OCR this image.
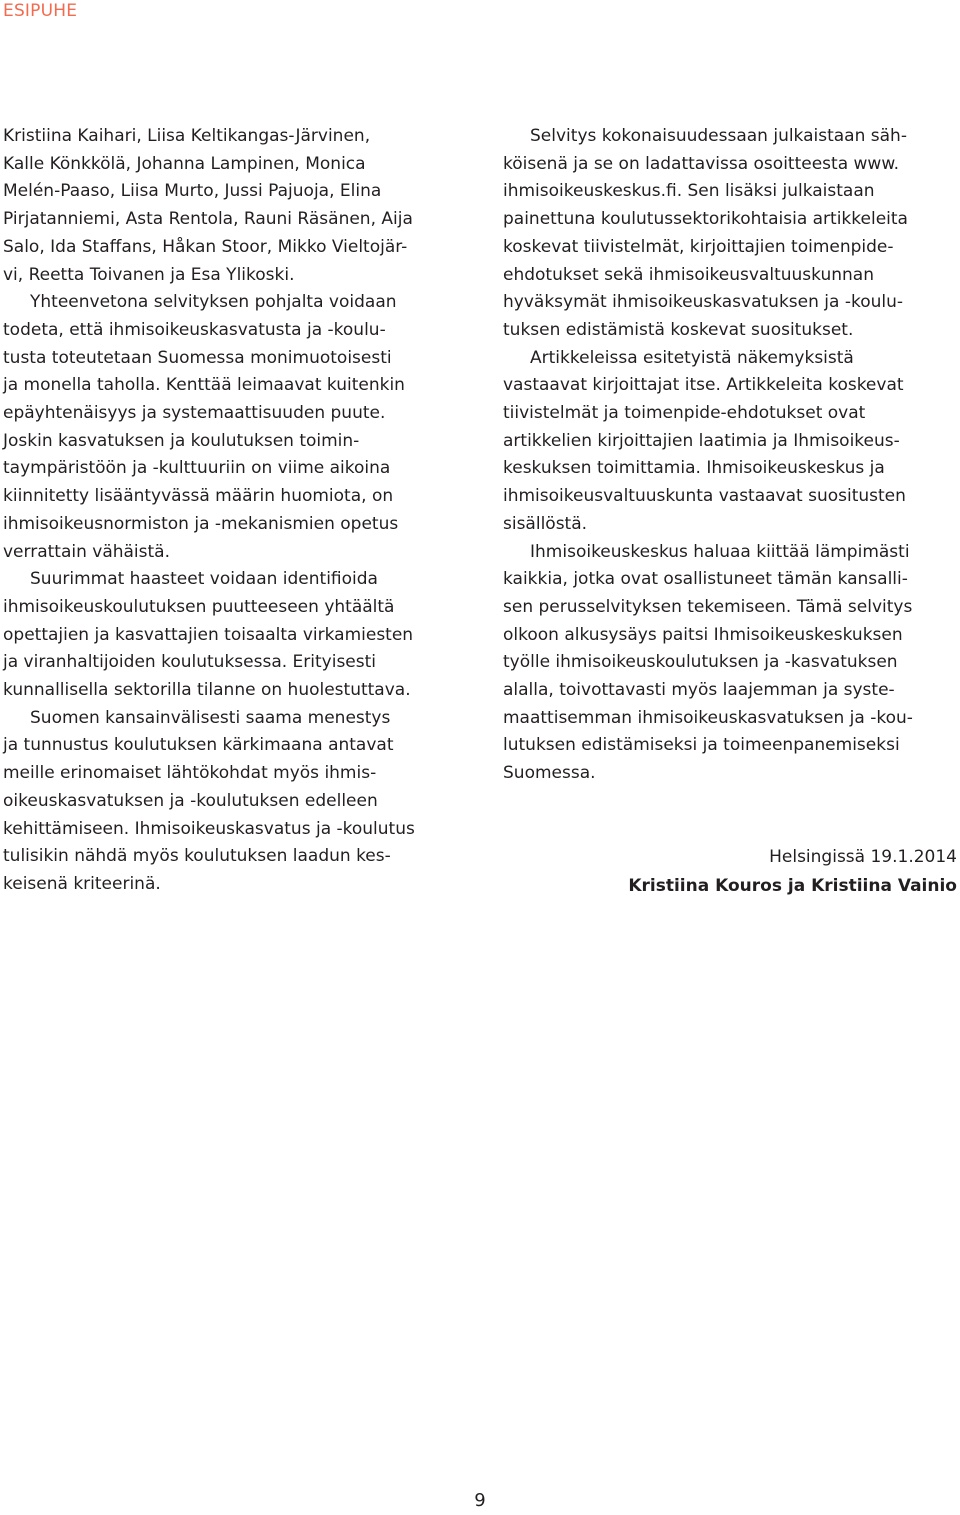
ESIPUHE
Kristiina Kaihari, Liisa Keltikangas-Järvinen,
Kalle Könkkölä, Johanna Lampinen, Monica
Melén-Paaso, Liisa Murto, Jussi Pajuoja, Elina
Pirjatanniemi, Asta Rentola, Rauni Räsänen, Aija
Salo, Ida Staffans, Håkan Stoor, Mikko Vieltojär-
vi, Reetta Toivanen ja Esa Ylikoski.
Yhteenvetona selvityksen pohjalta voidaan
todeta, että ihmisoikeuskasvatusta ja -koulu-
tusta toteutetaan Suomessa monimuotoisesti
ja monella taholla. Kenttää leimaavat kuitenkin
epäyhtenäisyys ja systemaattisuuden puute.
Joskin kasvatuksen ja koulutuksen toimin-
taympäristöön ja -kulttuuriin on viime aikoina
kiinnitetty lisääntyvässä määrin huomiota, on
ihmisoikeusnormiston ja -mekanismien opetus
verrattain vähäistä.
Suurimmat haasteet voidaan identifioida
ihmisoikeuskoulutuksen puutteeseen yhtäältä
opettajien ja kasvattajien toisaalta virkamiesten
ja viranhaltijoiden koulutuksessa. Erityisesti
kunnallisella sektorilla tilanne on huolestuttava.
Suomen kansainvälisesti saama menestys
ja tunnustus koulutuksen kärkimaana antavat
meille erinomaiset lähtökohdat myös ihmis-
oikeuskasvatuksen ja -koulutuksen edelleen
kehittämiseen. Ihmisoikeuskasvatus ja -koulutus
tulisikin nähdä myös koulutuksen laadun kes-
keisenä kriteerinä.
Selvitys kokonaisuudessaan julkaistaan säh-
köisenä ja se on ladattavissa osoitteesta www.
ihmisoikeuskeskus.fi. Sen lisäksi julkaistaan
painettuna koulutussektorikohtaisia artikkeleita
koskevat tiivistelmät, kirjoittajien toimenpide-
ehdotukset sekä ihmisoikeusvaltuuskunnan
hyväksymät ihmisoikeuskasvatuksen ja -koulu-
tuksen edistämistä koskevat suositukset.
Artikkeleissa esitetyistä näkemyksistä
vastaavat kirjoittajat itse. Artikkeleita koskevat
tiivistelmät ja toimenpide-ehdotukset ovat
artikkelien kirjoittajien laatimia ja Ihmisoikeus-
keskuksen toimittamia. Ihmisoikeuskeskus ja
ihmisoikeusvaltuuskunta vastaavat suositusten
sisällöstä.
Ihmisoikeuskeskus haluaa kiittää lämpimästi
kaikkia, jotka ovat osallistuneet tämän kansalli-
sen perusselvityksen tekemiseen. Tämä selvitys
olkoon alkusysäys paitsi Ihmisoikeuskeskuksen
työlle ihmisoikeuskoulutuksen ja -kasvatuksen
alalla, toivottavasti myös laajemman ja syste-
maattisemman ihmisoikeuskasvatuksen ja -kou-
lutuksen edistämiseksi ja toimeenpanemiseksi
Suomessa.
Helsingissä 19.1.2014
Kristiina Kouros ja Kristiina Vainio
9
